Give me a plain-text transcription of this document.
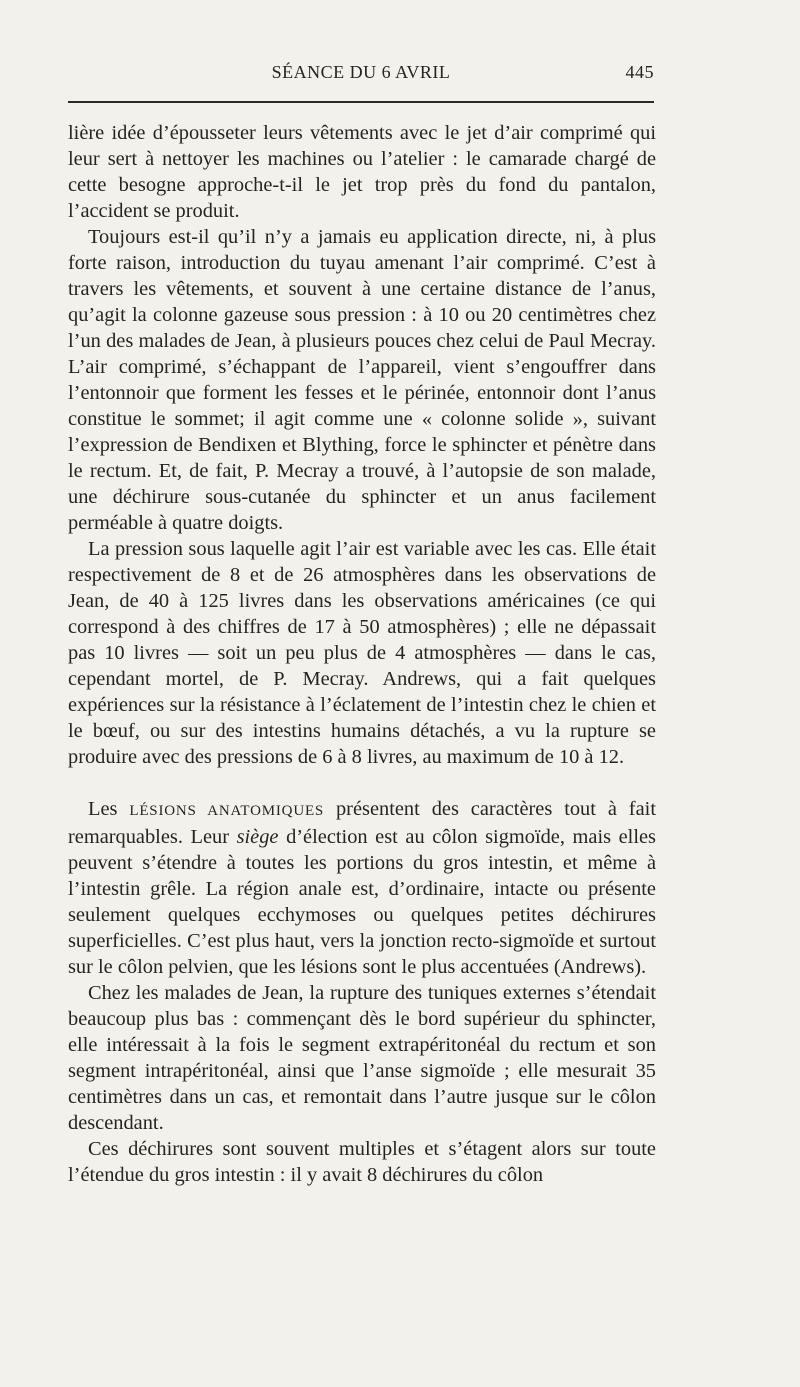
SÉANCE DU 6 AVRIL	445

lière idée d’épousseter leurs vêtements avec le jet d’air comprimé qui leur sert à nettoyer les machines ou l’atelier : le camarade chargé de cette besogne approche-t-il le jet trop près du fond du pantalon, l’accident se produit.

Toujours est-il qu’il n’y a jamais eu application directe, ni, à plus forte raison, introduction du tuyau amenant l’air comprimé. C’est à travers les vêtements, et souvent à une certaine distance de l’anus, qu’agit la colonne gazeuse sous pression : à 10 ou 20 centimètres chez l’un des malades de Jean, à plusieurs pouces chez celui de Paul Mecray. L’air comprimé, s’échappant de l’appareil, vient s’engouffrer dans l’entonnoir que forment les fesses et le périnée, entonnoir dont l’anus constitue le sommet; il agit comme une « colonne solide », suivant l’expression de Bendixen et Blything, force le sphincter et pénètre dans le rectum. Et, de fait, P. Mecray a trouvé, à l’autopsie de son malade, une déchirure sous-cutanée du sphincter et un anus facilement perméable à quatre doigts.

La pression sous laquelle agit l’air est variable avec les cas. Elle était respectivement de 8 et de 26 atmosphères dans les observations de Jean, de 40 à 125 livres dans les observations américaines (ce qui correspond à des chiffres de 17 à 50 atmosphères) ; elle ne dépassait pas 10 livres — soit un peu plus de 4 atmosphères — dans le cas, cependant mortel, de P. Mecray. Andrews, qui a fait quelques expériences sur la résistance à l’éclatement de l’intestin chez le chien et le bœuf, ou sur des intestins humains détachés, a vu la rupture se produire avec des pressions de 6 à 8 livres, au maximum de 10 à 12.

Les LÉSIONS ANATOMIQUES présentent des caractères tout à fait remarquables. Leur siège d’élection est au côlon sigmoïde, mais elles peuvent s’étendre à toutes les portions du gros intestin, et même à l’intestin grêle. La région anale est, d’ordinaire, intacte ou présente seulement quelques ecchymoses ou quelques petites déchirures superficielles. C’est plus haut, vers la jonction recto-sigmoïde et surtout sur le côlon pelvien, que les lésions sont le plus accentuées (Andrews).

Chez les malades de Jean, la rupture des tuniques externes s’étendait beaucoup plus bas : commençant dès le bord supérieur du sphincter, elle intéressait à la fois le segment extrapéritonéal du rectum et son segment intrapéritonéal, ainsi que l’anse sigmoïde ; elle mesurait 35 centimètres dans un cas, et remontait dans l’autre jusque sur le côlon descendant.

Ces déchirures sont souvent multiples et s’étagent alors sur toute l’étendue du gros intestin : il y avait 8 déchirures du côlon
